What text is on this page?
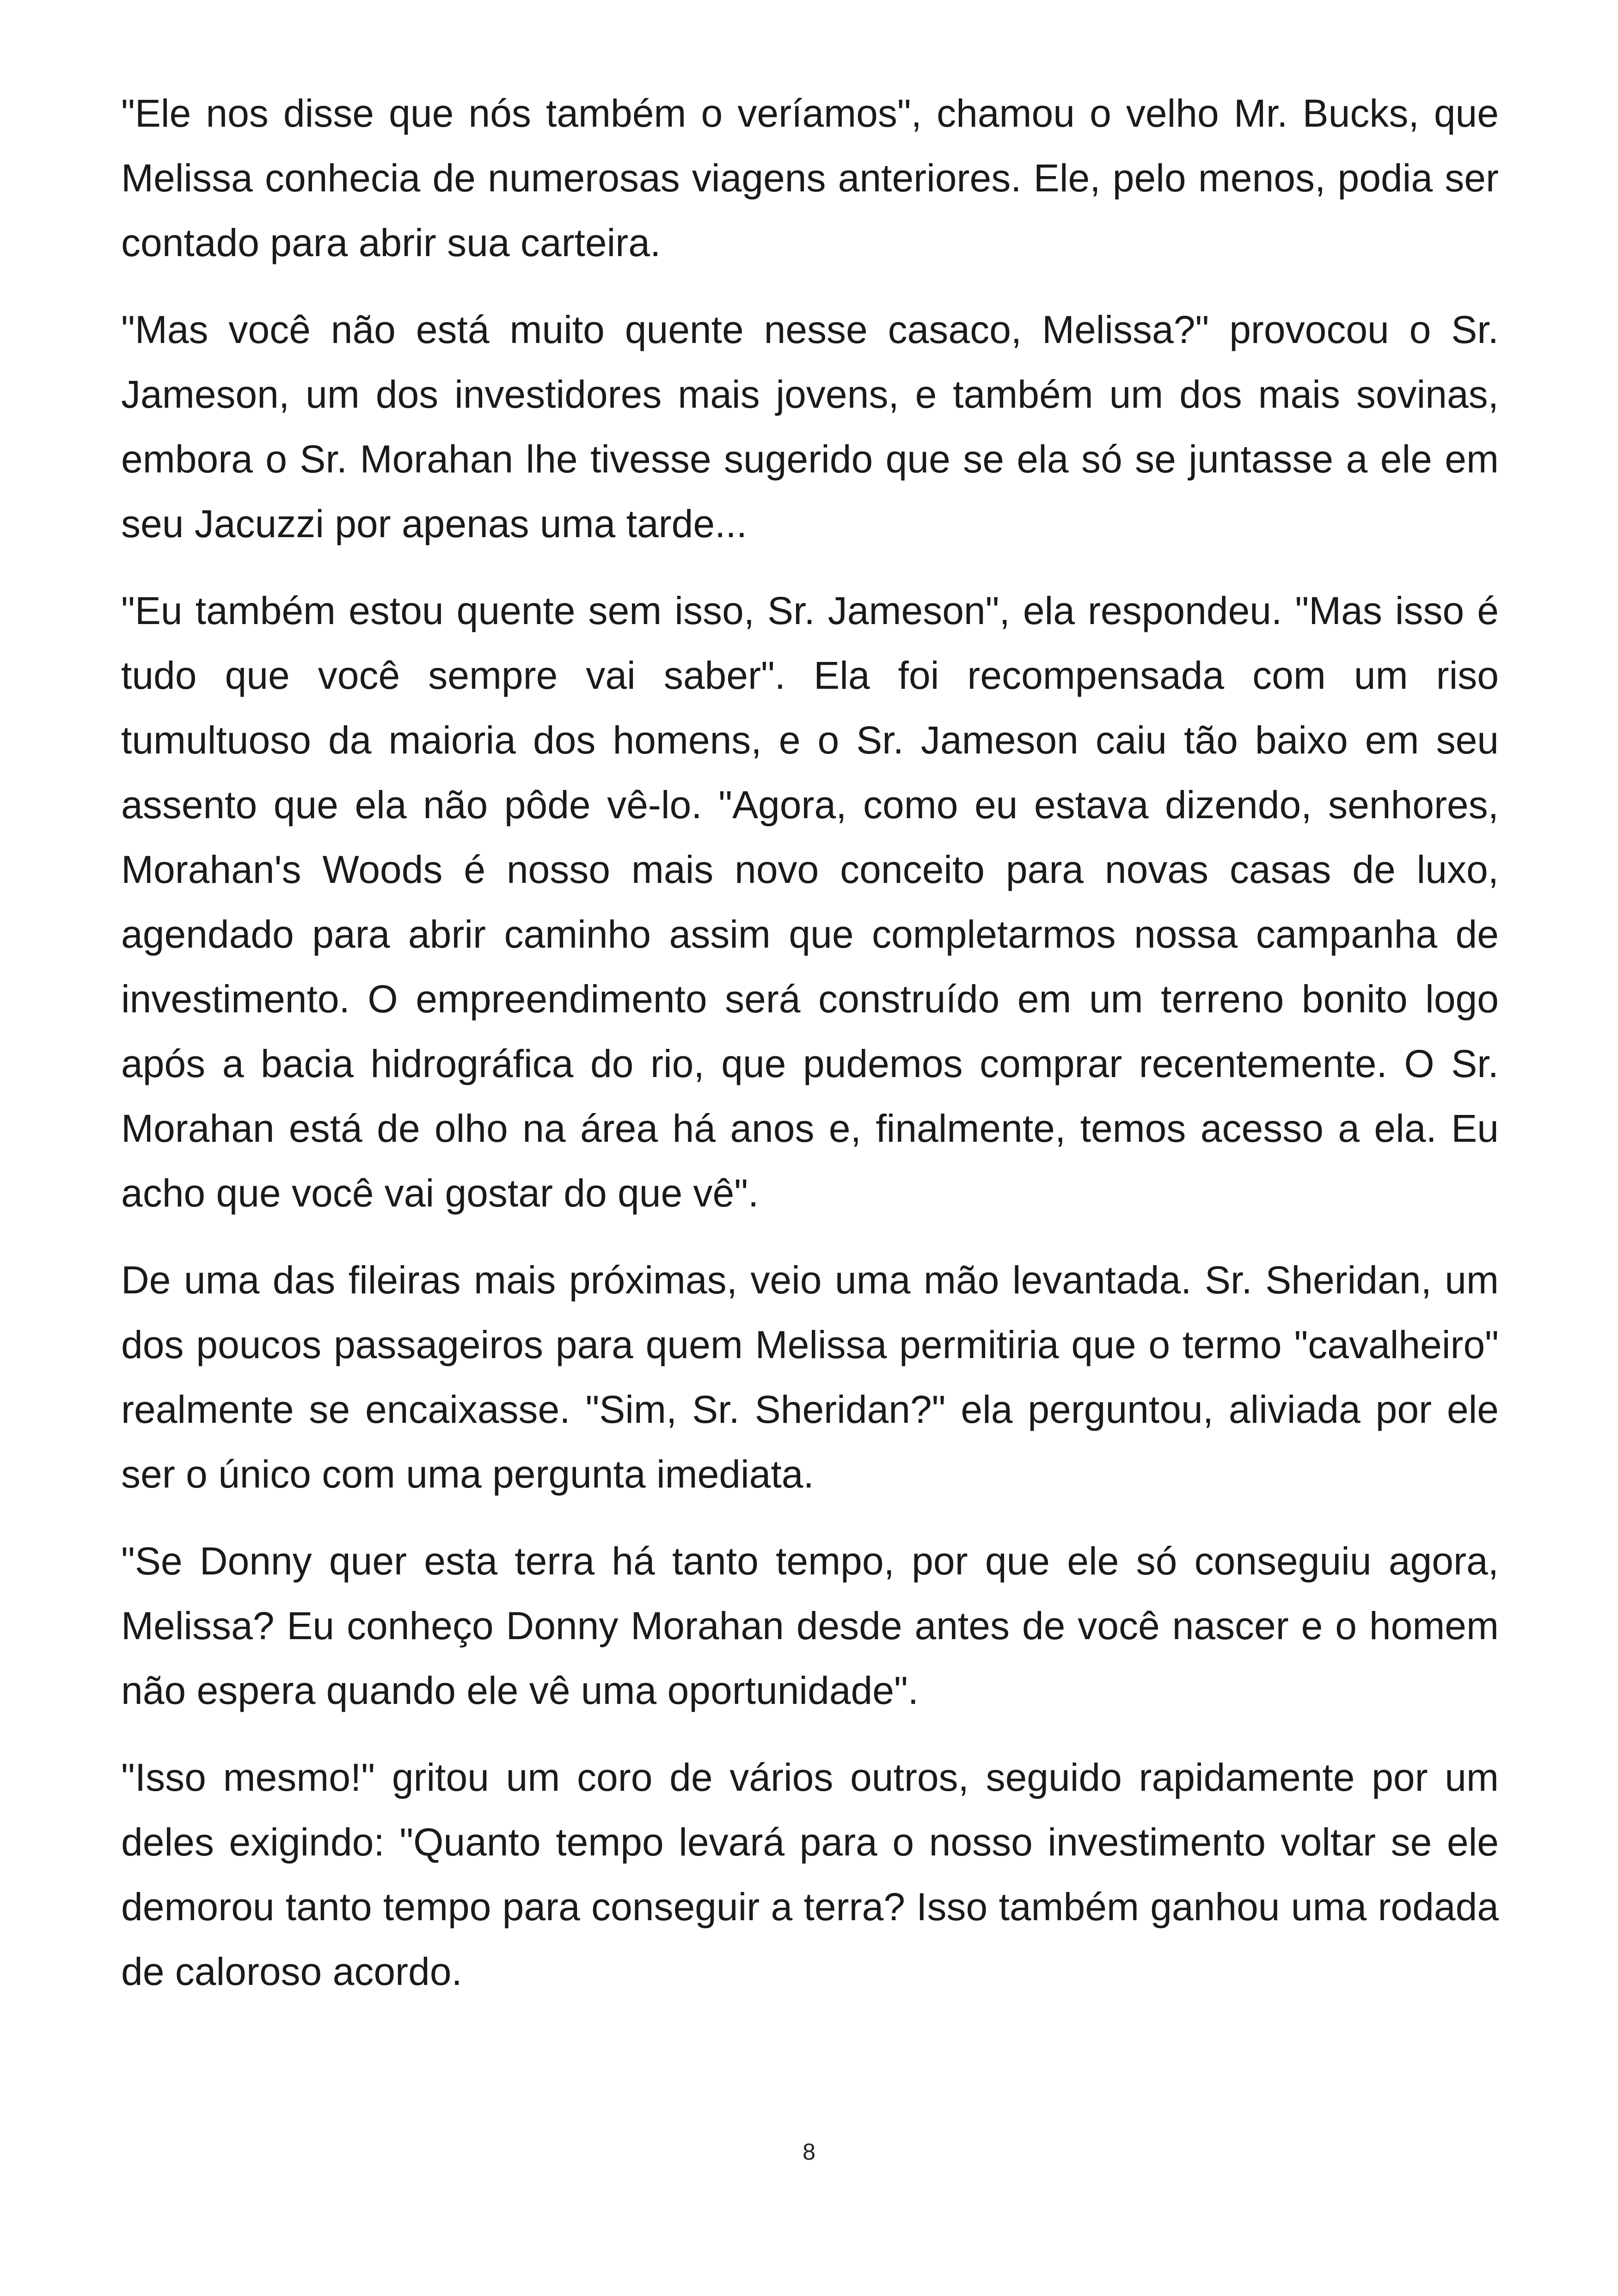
"Ele nos disse que nós também o veríamos", chamou o velho Mr. Bucks, que Melissa conhecia de numerosas viagens anteriores. Ele, pelo menos, podia ser contado para abrir sua carteira.

"Mas você não está muito quente nesse casaco, Melissa?" provocou o Sr. Jameson, um dos investidores mais jovens, e também um dos mais sovinas, embora o Sr. Morahan lhe tivesse sugerido que se ela só se juntasse a ele em seu Jacuzzi por apenas uma tarde...

"Eu também estou quente sem isso, Sr. Jameson", ela respondeu. "Mas isso é tudo que você sempre vai saber". Ela foi recompensada com um riso tumultuoso da maioria dos homens, e o Sr. Jameson caiu tão baixo em seu assento que ela não pôde vê-lo. "Agora, como eu estava dizendo, senhores, Morahan's Woods é nosso mais novo conceito para novas casas de luxo, agendado para abrir caminho assim que completarmos nossa campanha de investimento. O empreendimento será construído em um terreno bonito logo após a bacia hidrográfica do rio, que pudemos comprar recentemente. O Sr. Morahan está de olho na área há anos e, finalmente, temos acesso a ela. Eu acho que você vai gostar do que vê".

De uma das fileiras mais próximas, veio uma mão levantada. Sr. Sheridan, um dos poucos passageiros para quem Melissa permitiria que o termo "cavalheiro" realmente se encaixasse. "Sim, Sr. Sheridan?" ela perguntou, aliviada por ele ser o único com uma pergunta imediata.

"Se Donny quer esta terra há tanto tempo, por que ele só conseguiu agora, Melissa? Eu conheço Donny Morahan desde antes de você nascer e o homem não espera quando ele vê uma oportunidade".

"Isso mesmo!" gritou um coro de vários outros, seguido rapidamente por um deles exigindo: "Quanto tempo levará para o nosso investimento voltar se ele demorou tanto tempo para conseguir a terra? Isso também ganhou uma rodada de caloroso acordo.

8
